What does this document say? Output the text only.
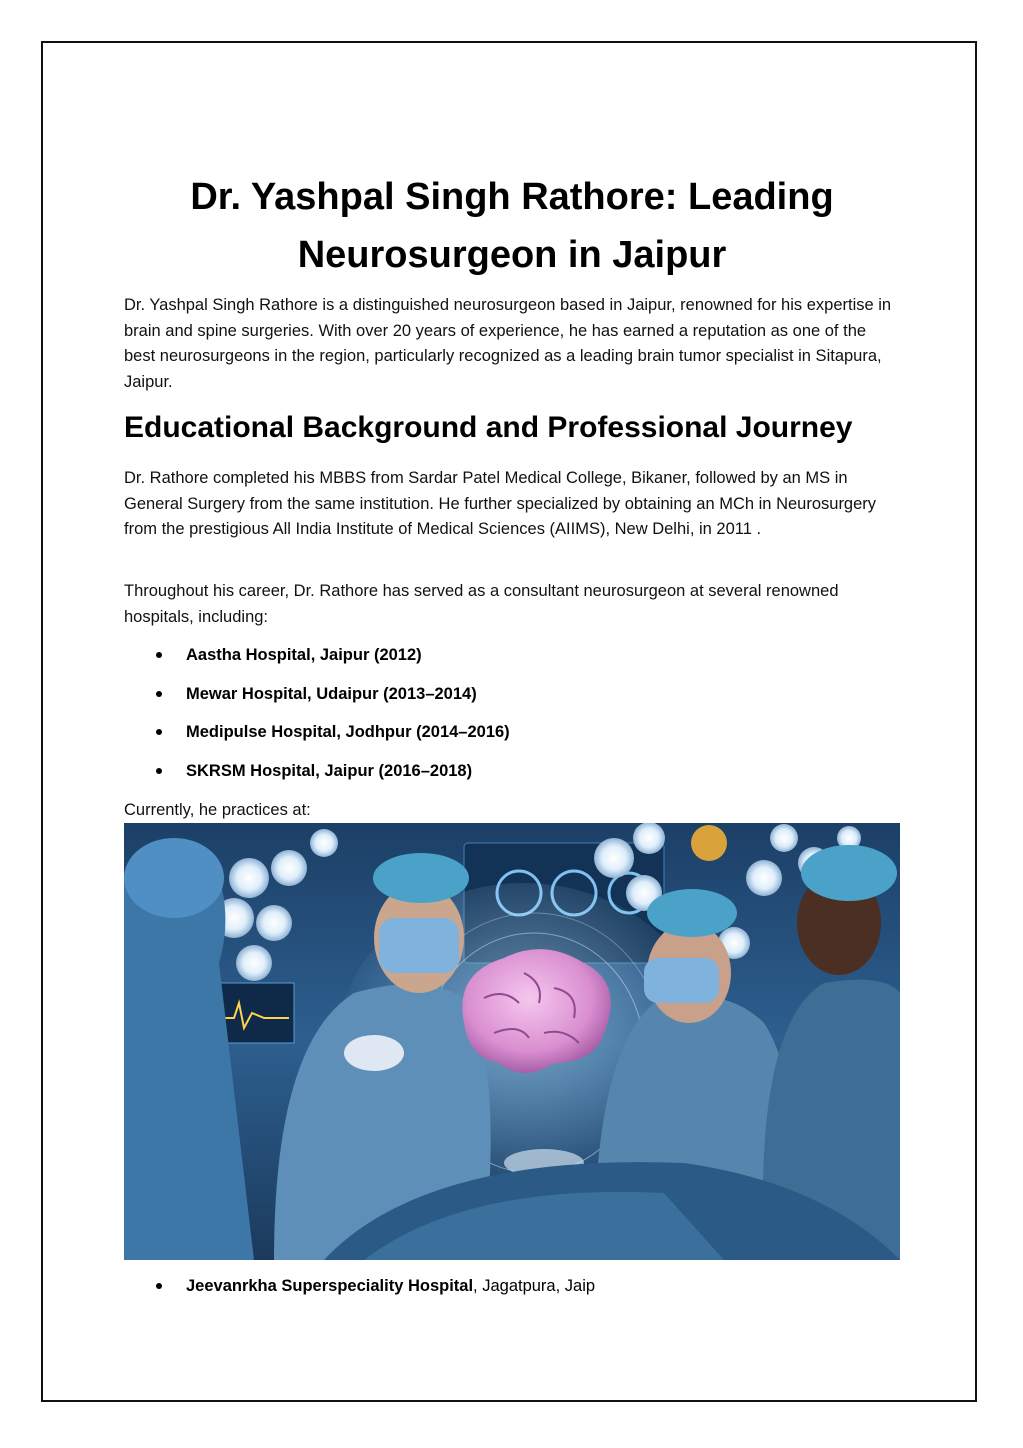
Dr. Yashpal Singh Rathore: Leading Neurosurgeon in Jaipur

Dr. Yashpal Singh Rathore is a distinguished neurosurgeon based in Jaipur, renowned for his expertise in brain and spine surgeries. With over 20 years of experience, he has earned a reputation as one of the best neurosurgeons in the region, particularly recognized as a leading brain tumor specialist in Sitapura, Jaipur.

Educational Background and Professional Journey

Dr. Rathore completed his MBBS from Sardar Patel Medical College, Bikaner, followed by an MS in General Surgery from the same institution. He further specialized by obtaining an MCh in Neurosurgery from the prestigious All India Institute of Medical Sciences (AIIMS), New Delhi, in 2011 .

Throughout his career, Dr. Rathore has served as a consultant neurosurgeon at several renowned hospitals, including:

Aastha Hospital, Jaipur (2012)
Mewar Hospital, Udaipur (2013–2014)
Medipulse Hospital, Jodhpur (2014–2016)
SKRSM Hospital, Jaipur (2016–2018)

Currently, he practices at:

Jeevanrkha Superspeciality Hospital, Jagatpura, Jaip
